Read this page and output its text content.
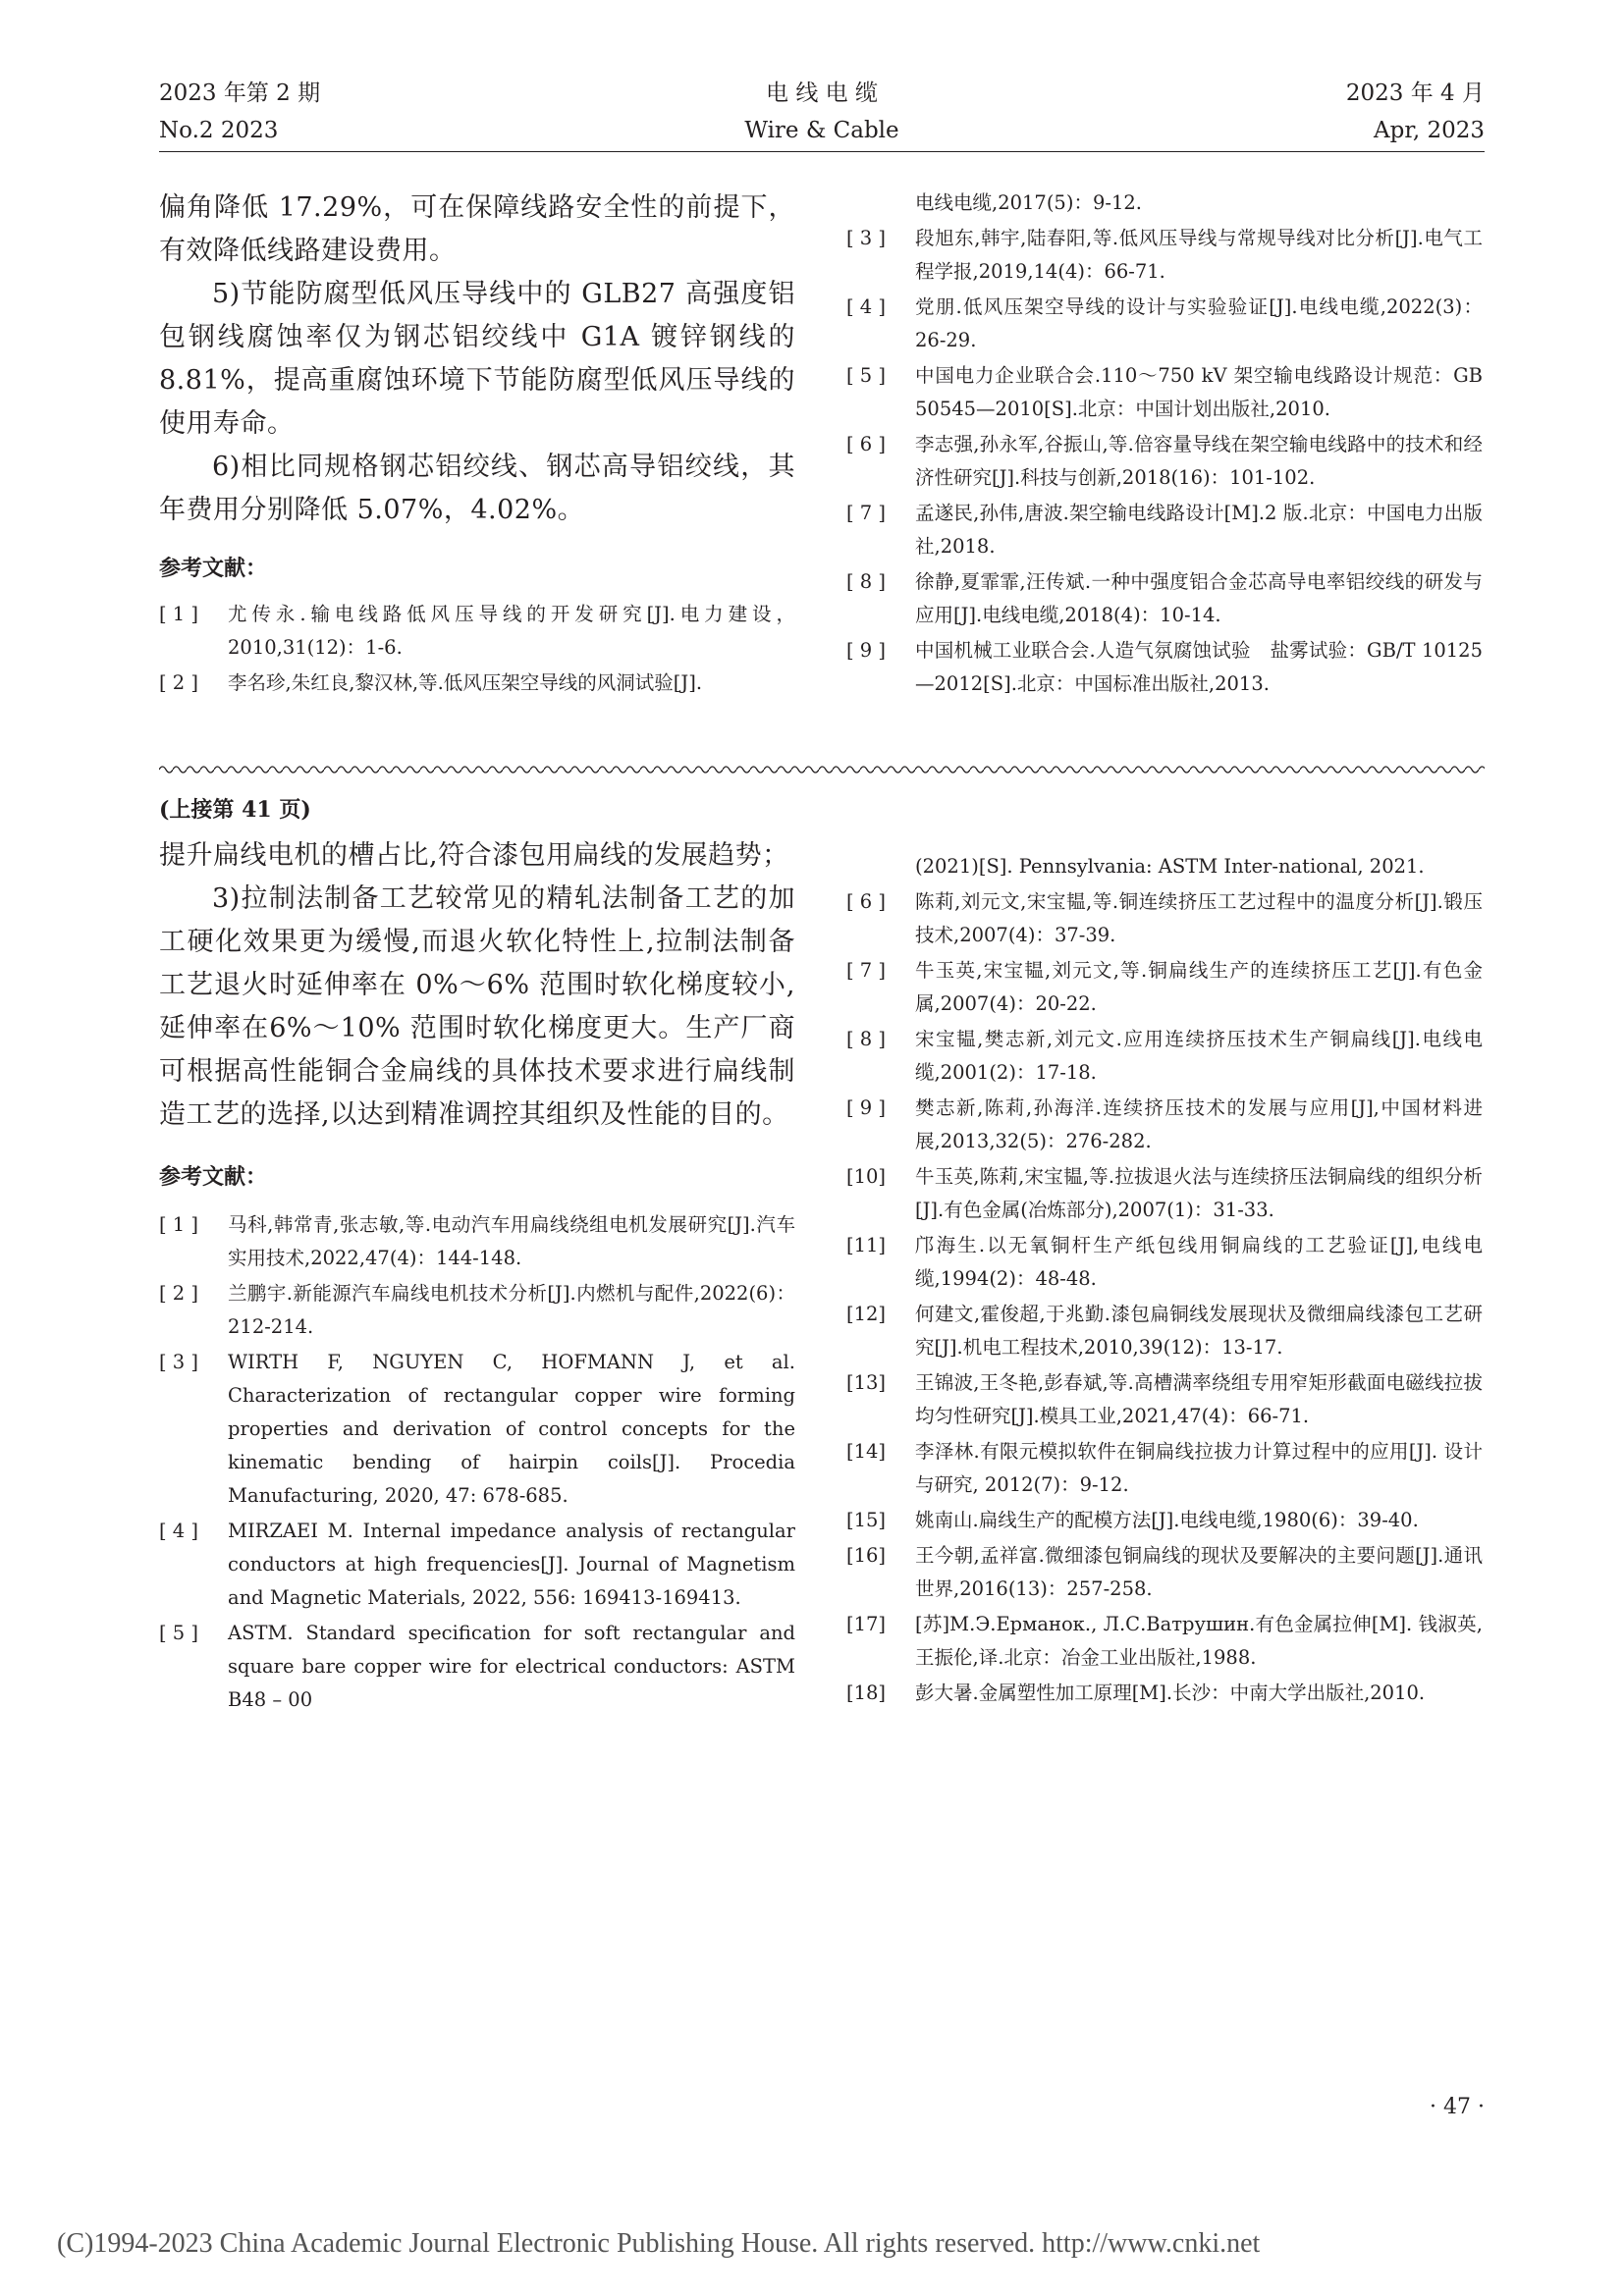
2023 年第 2 期
No.2 2023
电 线 电 缆
Wire & Cable
2023 年 4 月
Apr, 2023

偏角降低 17.29%，可在保障线路安全性的前提下，有效降低线路建设费用。

5)节能防腐型低风压导线中的 GLB27 高强度铝包钢线腐蚀率仅为钢芯铝绞线中 G1A 镀锌钢线的 8.81%，提高重腐蚀环境下节能防腐型低风压导线的使用寿命。

6)相比同规格钢芯铝绞线、钢芯高导铝绞线，其年费用分别降低 5.07%，4.02%。

参考文献：

[ 1 ]	尤传永.输电线路低风压导线的开发研究[J].电力建设，2010,31(12)：1-6.

[ 2 ]	李名珍,朱红良,黎汉林,等.低风压架空导线的风洞试验[J].

电线电缆,2017(5)：9-12.

[ 3 ]	段旭东,韩宇,陆春阳,等.低风压导线与常规导线对比分析[J].电气工程学报,2019,14(4)：66-71.

[ 4 ]	党朋.低风压架空导线的设计与实验验证[J].电线电缆,2022(3)：26-29.

[ 5 ]	中国电力企业联合会.110～750 kV 架空输电线路设计规范：GB 50545—2010[S].北京：中国计划出版社,2010.

[ 6 ]	李志强,孙永军,谷振山,等.倍容量导线在架空输电线路中的技术和经济性研究[J].科技与创新,2018(16)：101-102.

[ 7 ]	孟遂民,孙伟,唐波.架空输电线路设计[M].2 版.北京：中国电力出版社,2018.

[ 8 ]	徐静,夏霏霏,汪传斌.一种中强度铝合金芯高导电率铝绞线的研发与应用[J].电线电缆,2018(4)：10-14.

[ 9 ]	中国机械工业联合会.人造气氛腐蚀试验　盐雾试验：GB/T 10125—2012[S].北京：中国标准出版社,2013.

(上接第 41 页)

提升扁线电机的槽占比,符合漆包用扁线的发展趋势；

3)拉制法制备工艺较常见的精轧法制备工艺的加工硬化效果更为缓慢,而退火软化特性上,拉制法制备工艺退火时延伸率在 0%～6% 范围时软化梯度较小,延伸率在6%～10% 范围时软化梯度更大。生产厂商可根据高性能铜合金扁线的具体技术要求进行扁线制造工艺的选择,以达到精准调控其组织及性能的目的。

参考文献：

[ 1 ]	马科,韩常青,张志敏,等.电动汽车用扁线绕组电机发展研究[J].汽车实用技术,2022,47(4)：144-148.

[ 2 ]	兰鹏宇.新能源汽车扁线电机技术分析[J].内燃机与配件,2022(6)：212-214.

[ 3 ]	WIRTH F, NGUYEN C, HOFMANN J, et al. Characterization of rectangular copper wire forming properties and derivation of control concepts for the kinematic bending of hairpin coils[J]. Procedia Manufacturing, 2020, 47: 678-685.

[ 4 ]	MIRZAEI M. Internal impedance analysis of rectangular conductors at high frequencies[J]. Journal of Magnetism and Magnetic Materials, 2022, 556: 169413-169413.

[ 5 ]	ASTM. Standard specification for soft rectangular and square bare copper wire for electrical conductors: ASTM B48 – 00

(2021)[S]. Pennsylvania: ASTM Inter-national, 2021.

[ 6 ]	陈莉,刘元文,宋宝韫,等.铜连续挤压工艺过程中的温度分析[J].锻压技术,2007(4)：37-39.

[ 7 ]	牛玉英,宋宝韫,刘元文,等.铜扁线生产的连续挤压工艺[J].有色金属,2007(4)：20-22.

[ 8 ]	宋宝韫,樊志新,刘元文.应用连续挤压技术生产铜扁线[J].电线电缆,2001(2)：17-18.

[ 9 ]	樊志新,陈莉,孙海洋.连续挤压技术的发展与应用[J],中国材料进展,2013,32(5)：276-282.

[10]	牛玉英,陈莉,宋宝韫,等.拉拔退火法与连续挤压法铜扁线的组织分析[J].有色金属(冶炼部分),2007(1)：31-33.

[11]	邝海生.以无氧铜杆生产纸包线用铜扁线的工艺验证[J],电线电缆,1994(2)：48-48.

[12]	何建文,霍俊超,于兆勤.漆包扁铜线发展现状及微细扁线漆包工艺研究[J].机电工程技术,2010,39(12)：13-17.

[13]	王锦波,王冬艳,彭春斌,等.高槽满率绕组专用窄矩形截面电磁线拉拔均匀性研究[J].模具工业,2021,47(4)：66-71.

[14]	李泽林.有限元模拟软件在铜扁线拉拔力计算过程中的应用[J]. 设计与研究, 2012(7)：9-12.

[15]	姚南山.扁线生产的配模方法[J].电线电缆,1980(6)：39-40.

[16]	王今朝,孟祥富.微细漆包铜扁线的现状及要解决的主要问题[J].通讯世界,2016(13)：257-258.

[17]	[苏]M.Э.Ерманок., Л.С.Ватрушин.有色金属拉伸[M]. 钱淑英,王振伦,译.北京：冶金工业出版社,1988.

[18]	彭大暑.金属塑性加工原理[M].长沙：中南大学出版社,2010.

· 47 ·
(C)1994-2023 China Academic Journal Electronic Publishing House. All rights reserved. http://www.cnki.net
